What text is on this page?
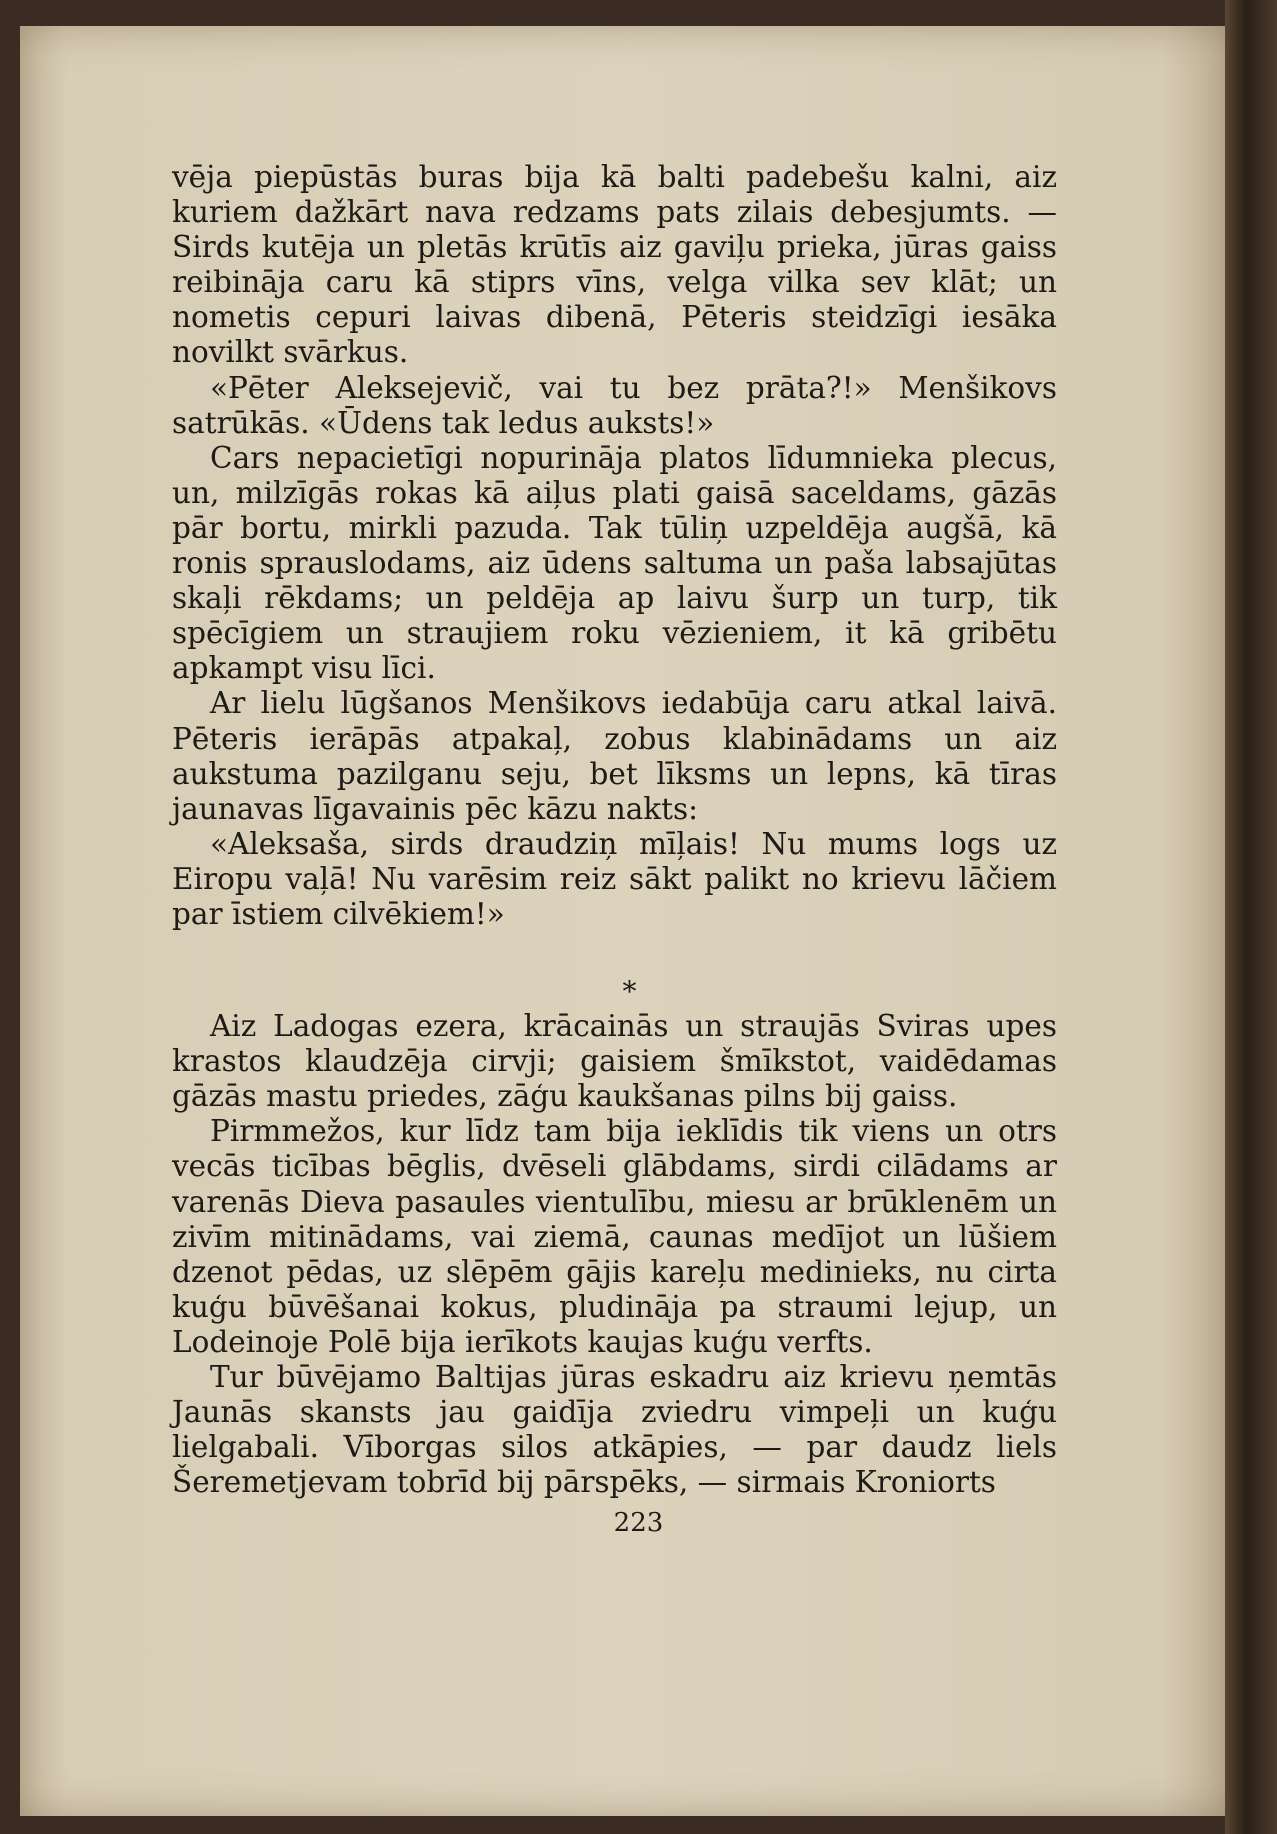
vēja piepūstās buras bija kā balti padebešu kalni, aiz kuriem dažkārt nava redzams pats zilais debesjumts. — Sirds kutēja un pletās krūtīs aiz gaviļu prieka, jūras gaiss reibināja caru kā stiprs vīns, velga vilka sev klāt; un nometis cepuri laivas dibenā, Pēteris steidzīgi iesāka novilkt svārkus.

«Pēter Aleksejevič, vai tu bez prāta?!» Menšikovs satrūkās. «Ūdens tak ledus auksts!»

Cars nepacietīgi nopurināja platos līdumnieka plecus, un, milzīgās rokas kā aiļus plati gaisā saceldams, gāzās pār bortu, mirkli pazuda. Tak tūliņ uzpeldēja augšā, kā ronis sprauslodams, aiz ūdens saltuma un paša labsajūtas skaļi rēkdams; un peldēja ap laivu šurp un turp, tik spēcīgiem un straujiem roku vēzieniem, it kā gribētu apkampt visu līci.

Ar lielu lūgšanos Menšikovs iedabūja caru atkal laivā. Pēteris ierāpās atpakaļ, zobus klabinādams un aiz aukstuma pazilganu seju, bet līksms un lepns, kā tīras jaunavas līgavainis pēc kāzu nakts:

«Aleksaša, sirds draudziņ mīļais! Nu mums logs uz Eiropu vaļā! Nu varēsim reiz sākt palikt no krievu lāčiem par īstiem cilvēkiem!»

*

Aiz Ladogas ezera, krācainās un straujās Sviras upes krastos klaudzēja cirvji; gaisiem šmīkstot, vaidēdamas gāzās mastu priedes, zāģu kaukšanas pilns bij gaiss.

Pirmmežos, kur līdz tam bija ieklīdis tik viens un otrs vecās ticības bēglis, dvēseli glābdams, sirdi cilādams ar varenās Dieva pasaules vientulību, miesu ar brūklenēm un zivīm mitinādams, vai ziemā, caunas medījot un lūšiem dzenot pēdas, uz slēpēm gājis kareļu medinieks, nu cirta kuģu būvēšanai kokus, pludināja pa straumi lejup, un Lodeinoje Polē bija ierīkots kaujas kuģu verfts.

Tur būvējamo Baltijas jūras eskadru aiz krievu ņemtās Jaunās skansts jau gaidīja zviedru vimpeļi un kuģu lielgabali. Vīborgas silos atkāpies, — par daudz liels Šeremetjevam tobrīd bij pārspēks, — sirmais Kroniorts

223
